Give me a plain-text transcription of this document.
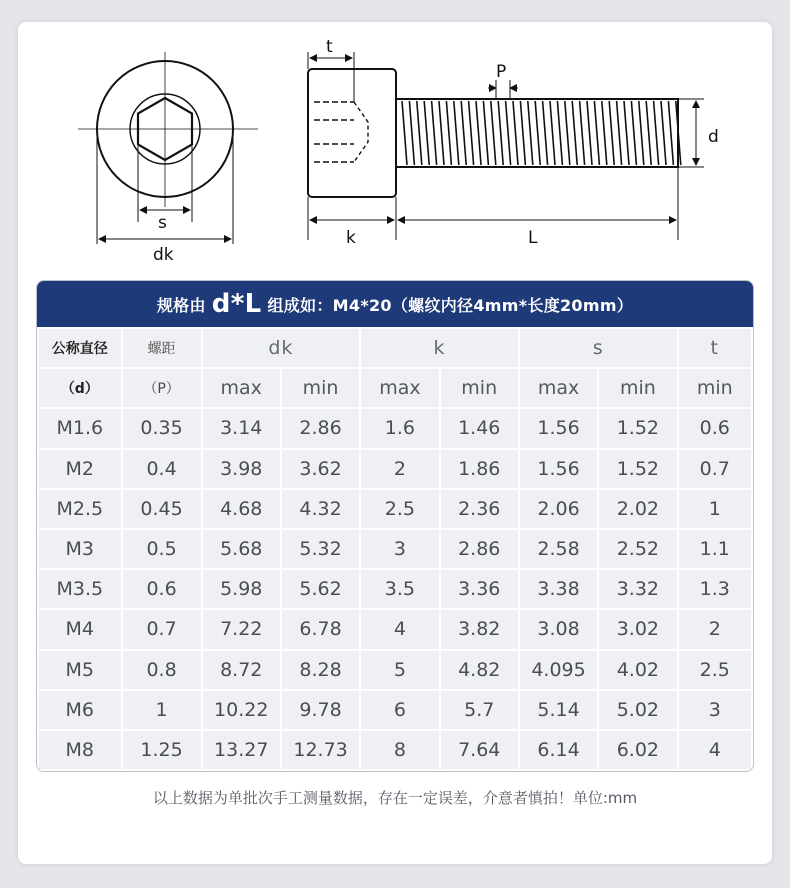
s
dk
t
P
d
k	L
规格由 d*L 组成如：M4*20（螺纹内径4mm*长度20mm）
公称直径	螺距	dk		k		s		t
（d）	（P）	max	min	max	min	max	min	min
M1.6	0.35	3.14	2.86	1.6	1.46	1.56	1.52	0.6
M2	0.4	3.98	3.62	2	1.86	1.56	1.52	0.7
M2.5	0.45	4.68	4.32	2.5	2.36	2.06	2.02	1
M3	0.5	5.68	5.32	3	2.86	2.58	2.52	1.1
M3.5	0.6	5.98	5.62	3.5	3.36	3.38	3.32	1.3
M4	0.7	7.22	6.78	4	3.82	3.08	3.02	2
M5	0.8	8.72	8.28	5	4.82	4.095	4.02	2.5
M6	1	10.22	9.78	6	5.7	5.14	5.02	3
M8	1.25	13.27	12.73	8	7.64	6.14	6.02	4
以上数据为单批次手工测量数据，存在一定误差，介意者慎拍！单位:mm
